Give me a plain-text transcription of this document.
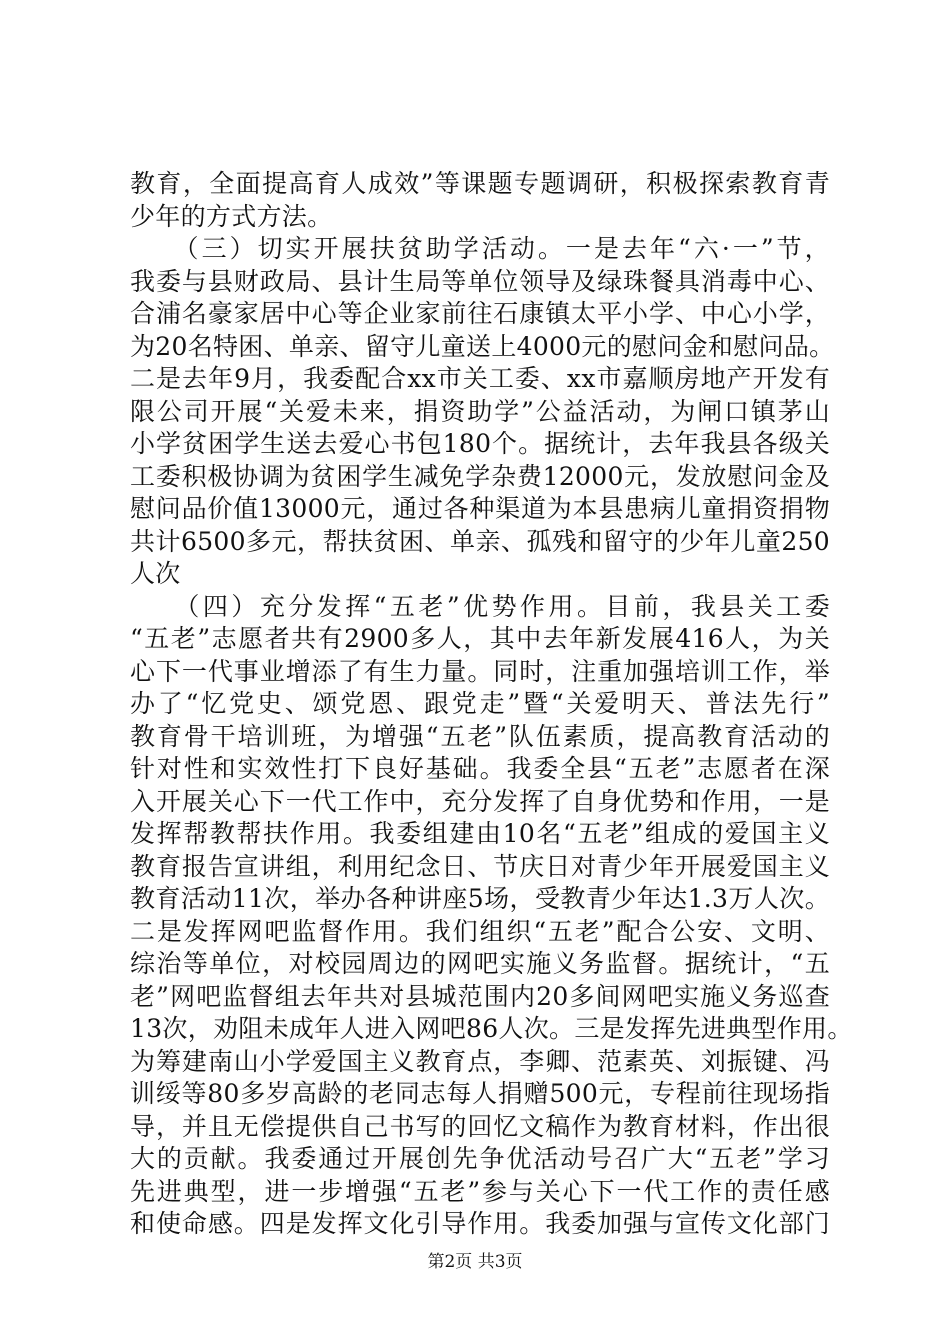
教育，全面提高育人成效”等课题专题调研，积极探索教育青
少年的方式方法。
　　（三）切实开展扶贫助学活动。一是去年“六·一”节，
我委与县财政局、县计生局等单位领导及绿珠餐具消毒中心、
合浦名豪家居中心等企业家前往石康镇太平小学、中心小学，
为20名特困、单亲、留守儿童送上4000元的慰问金和慰问品。
二是去年9月，我委配合xx市关工委、xx市嘉顺房地产开发有
限公司开展“关爱未来，捐资助学”公益活动，为闸口镇茅山
小学贫困学生送去爱心书包180个。据统计，去年我县各级关
工委积极协调为贫困学生减免学杂费12000元，发放慰问金及
慰问品价值13000元，通过各种渠道为本县患病儿童捐资捐物
共计6500多元，帮扶贫困、单亲、孤残和留守的少年儿童250
人次
　　（四）充分发挥“五老”优势作用。目前，我县关工委
“五老”志愿者共有2900多人，其中去年新发展416人，为关
心下一代事业增添了有生力量。同时，注重加强培训工作，举
办了“忆党史、颂党恩、跟党走”暨“关爱明天、普法先行”
教育骨干培训班，为增强“五老”队伍素质，提高教育活动的
针对性和实效性打下良好基础。我委全县“五老”志愿者在深
入开展关心下一代工作中，充分发挥了自身优势和作用，一是
发挥帮教帮扶作用。我委组建由10名“五老”组成的爱国主义
教育报告宣讲组，利用纪念日、节庆日对青少年开展爱国主义
教育活动11次，举办各种讲座5场，受教青少年达1.3万人次。
二是发挥网吧监督作用。我们组织“五老”配合公安、文明、
综治等单位，对校园周边的网吧实施义务监督。据统计，“五
老”网吧监督组去年共对县城范围内20多间网吧实施义务巡查
13次，劝阻未成年人进入网吧86人次。三是发挥先进典型作用。
为筹建南山小学爱国主义教育点，李卿、范素英、刘振键、冯
训绥等80多岁高龄的老同志每人捐赠500元，专程前往现场指
导，并且无偿提供自己书写的回忆文稿作为教育材料，作出很
大的贡献。我委通过开展创先争优活动号召广大“五老”学习
先进典型，进一步增强“五老”参与关心下一代工作的责任感
和使命感。四是发挥文化引导作用。我委加强与宣传文化部门
第2页 共3页
